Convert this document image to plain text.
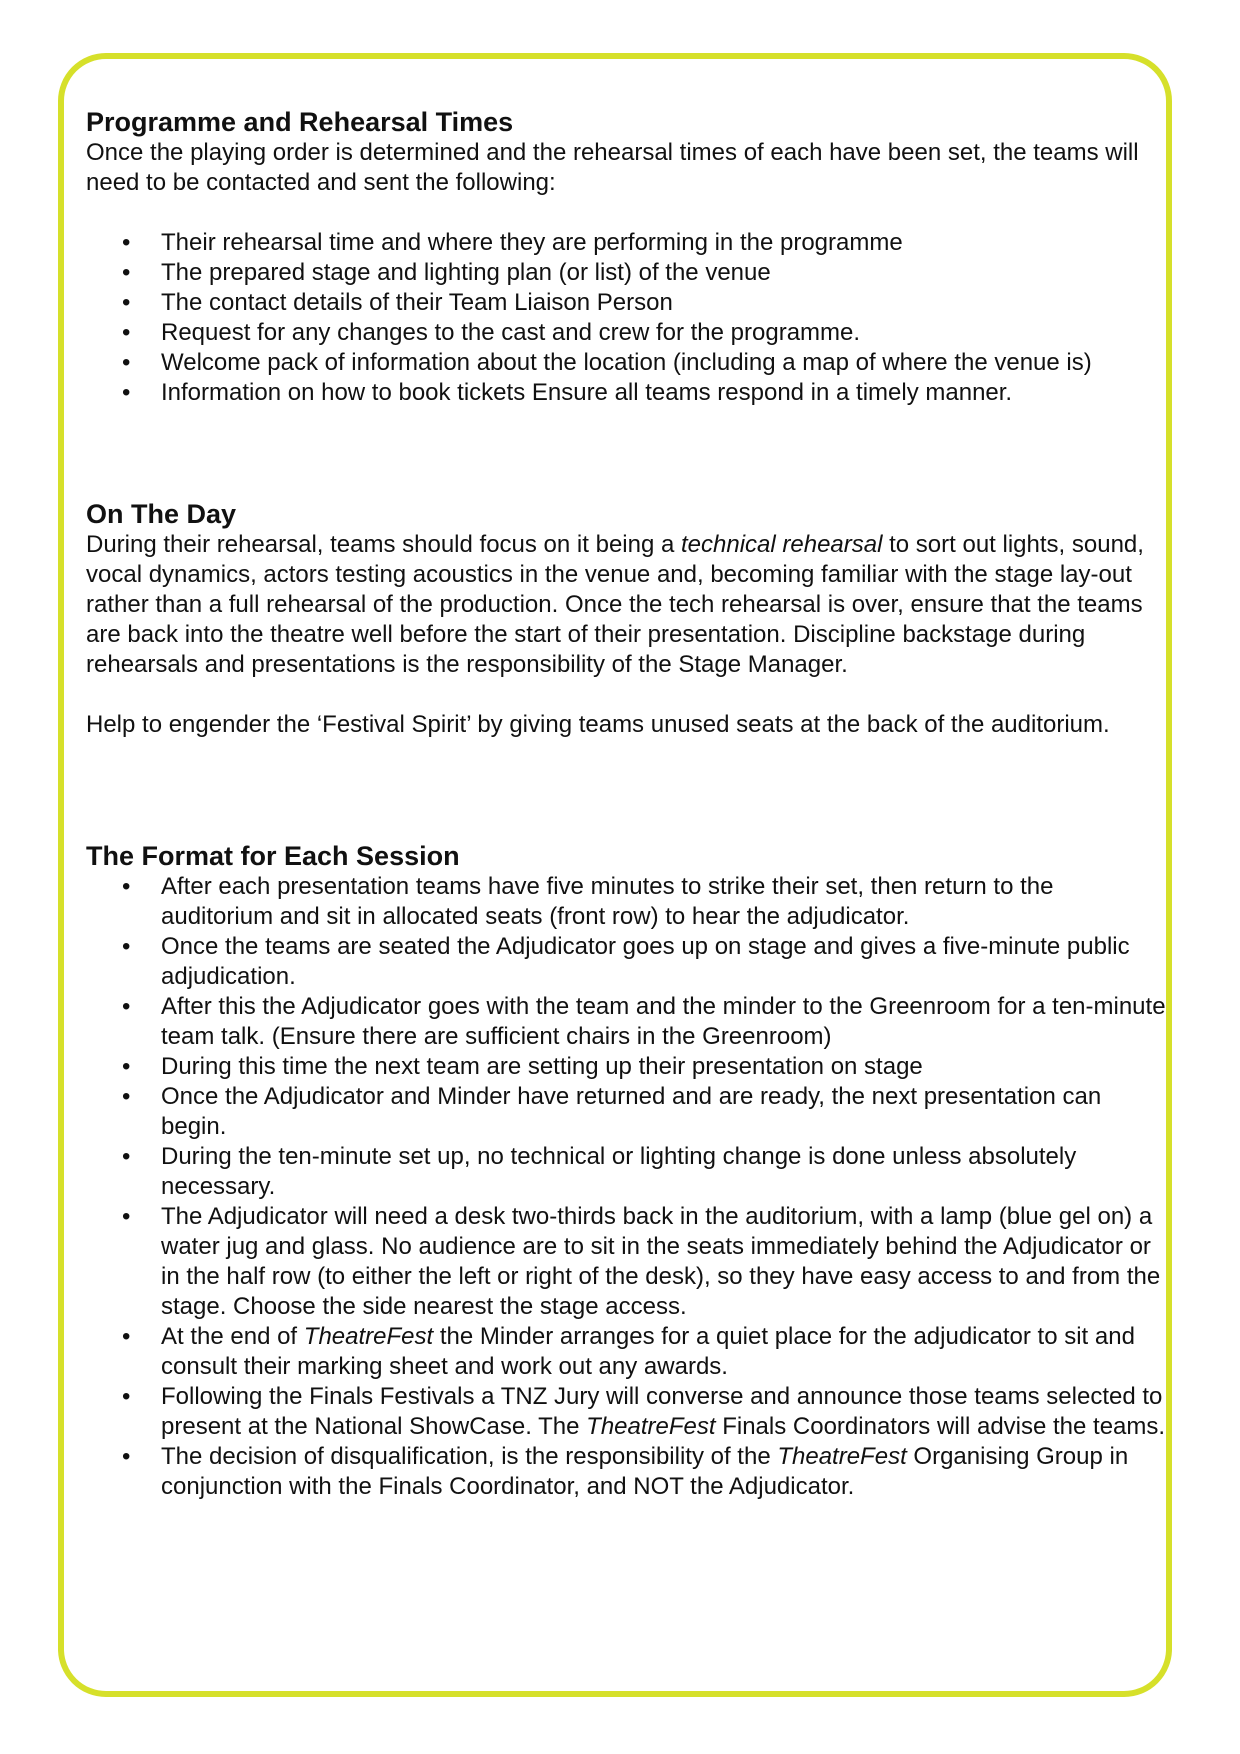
Programme and Rehearsal Times

Once the playing order is determined and the rehearsal times of each have been set, the teams will need to be contacted and sent the following:

• Their rehearsal time and where they are performing in the programme
• The prepared stage and lighting plan (or list) of the venue
• The contact details of their Team Liaison Person
• Request for any changes to the cast and crew for the programme.
• Welcome pack of information about the location (including a map of where the venue is)
• Information on how to book tickets Ensure all teams respond in a timely manner.
On The Day

During their rehearsal, teams should focus on it being a technical rehearsal to sort out lights, sound, vocal dynamics, actors testing acoustics in the venue and, becoming familiar with the stage lay-out rather than a full rehearsal of the production. Once the tech rehearsal is over, ensure that the teams are back into the theatre well before the start of their presentation. Discipline backstage during rehearsals and presentations is the responsibility of the Stage Manager.

Help to engender the ‘Festival Spirit’ by giving teams unused seats at the back of the auditorium.

The Format for Each Session
• After each presentation teams have five minutes to strike their set, then return to the auditorium and sit in allocated seats (front row) to hear the adjudicator.
• Once the teams are seated the Adjudicator goes up on stage and gives a five-minute public adjudication.
• After this the Adjudicator goes with the team and the minder to the Greenroom for a ten-minute team talk. (Ensure there are sufficient chairs in the Greenroom)
• During this time the next team are setting up their presentation on stage
• Once the Adjudicator and Minder have returned and are ready, the next presentation can begin.
• During the ten-minute set up, no technical or lighting change is done unless absolutely necessary.
• The Adjudicator will need a desk two-thirds back in the auditorium, with a lamp (blue gel on) a water jug and glass. No audience are to sit in the seats immediately behind the Adjudicator or in the half row (to either the left or right of the desk), so they have easy access to and from the stage. Choose the side nearest the stage access.
• At the end of TheatreFest the Minder arranges for a quiet place for the adjudicator to sit and consult their marking sheet and work out any awards.
• Following the Finals Festivals a TNZ Jury will converse and announce those teams selected to present at the National ShowCase. The TheatreFest Finals Coordinators will advise the teams.
• The decision of disqualification, is the responsibility of the TheatreFest Organising Group in conjunction with the Finals Coordinator, and NOT the Adjudicator.
